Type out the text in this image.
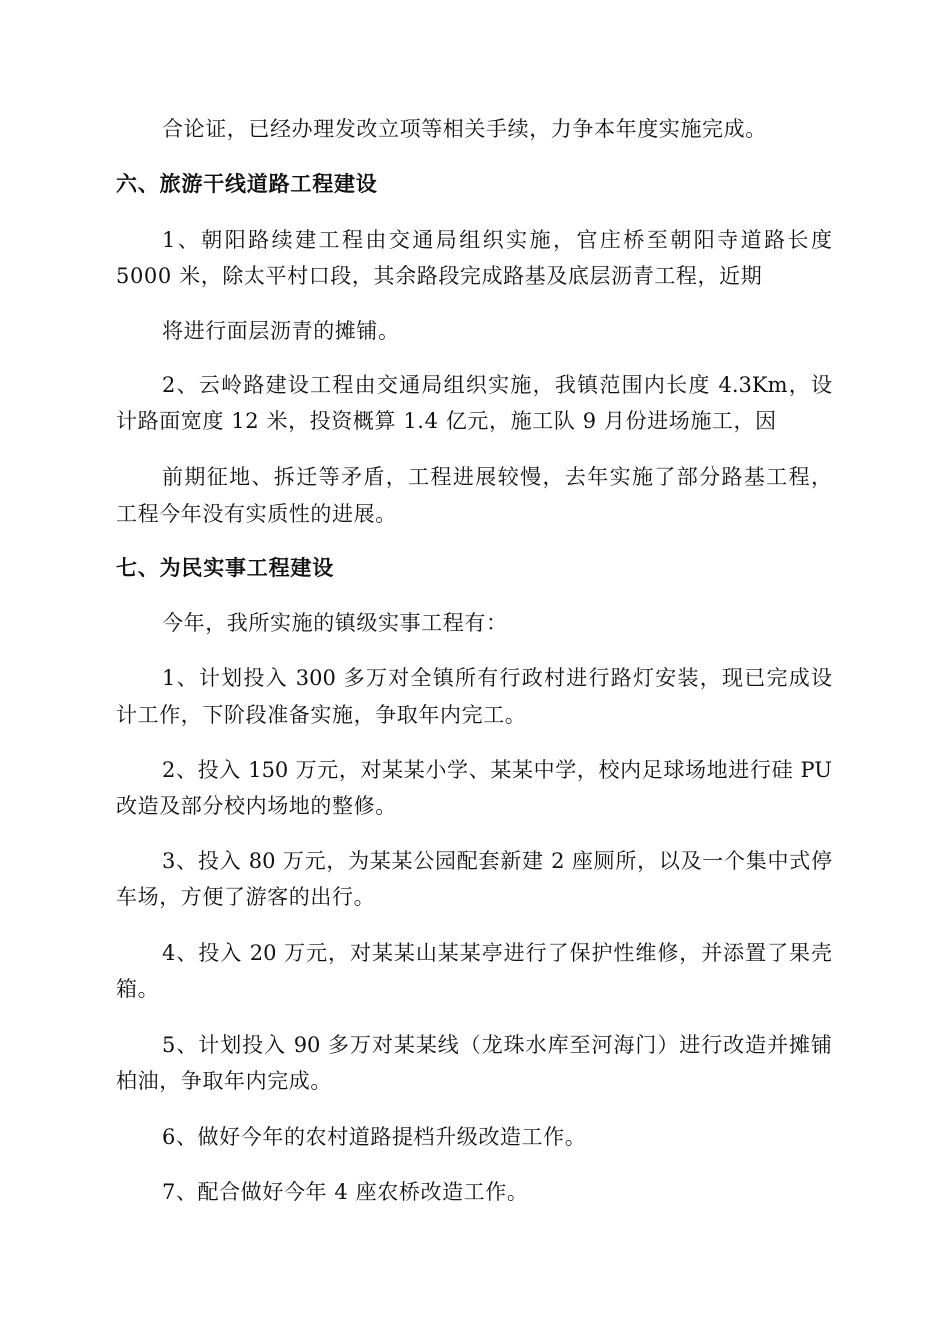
合论证，已经办理发改立项等相关手续，力争本年度实施完成。
六、旅游干线道路工程建设
1、朝阳路续建工程由交通局组织实施，官庄桥至朝阳寺道路长度
5000 米，除太平村口段，其余路段完成路基及底层沥青工程，近期
将进行面层沥青的摊铺。
2、云岭路建设工程由交通局组织实施，我镇范围内长度 4.3Km，设
计路面宽度 12 米，投资概算 1.4 亿元，施工队 9 月份进场施工，因
前期征地、拆迁等矛盾，工程进展较慢，去年实施了部分路基工程，
工程今年没有实质性的进展。
七、为民实事工程建设
今年，我所实施的镇级实事工程有：
1、计划投入 300 多万对全镇所有行政村进行路灯安装，现已完成设
计工作，下阶段准备实施，争取年内完工。
2、投入 150 万元，对某某小学、某某中学，校内足球场地进行硅 PU
改造及部分校内场地的整修。
3、投入 80 万元，为某某公园配套新建 2 座厕所，以及一个集中式停
车场，方便了游客的出行。
4、投入 20 万元，对某某山某某亭进行了保护性维修，并添置了果壳
箱。
5、计划投入 90 多万对某某线（龙珠水库至河海门）进行改造并摊铺
柏油，争取年内完成。
6、做好今年的农村道路提档升级改造工作。
7、配合做好今年 4 座农桥改造工作。
